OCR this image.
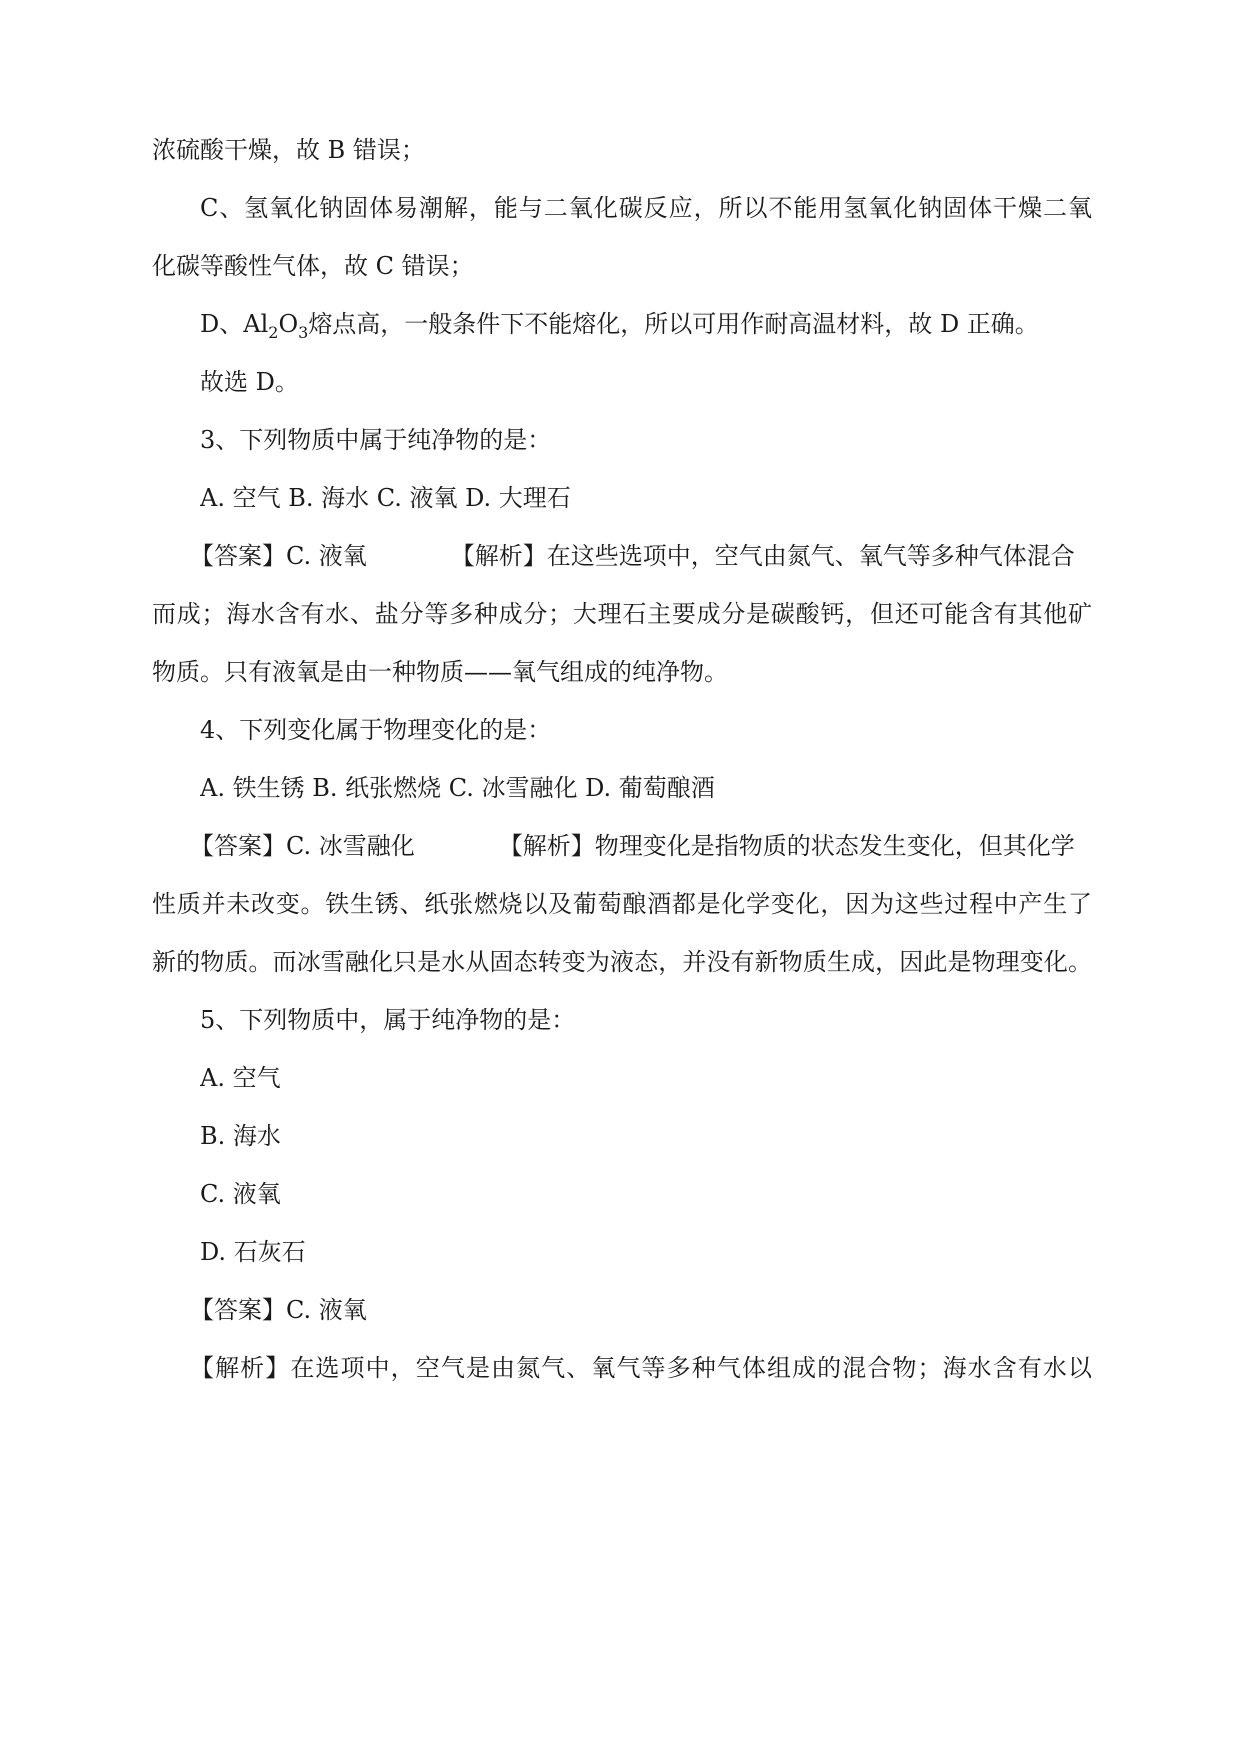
浓硫酸干燥，故 B 错误；
C、氢氧化钠固体易潮解，能与二氧化碳反应，所以不能用氢氧化钠固体干燥二氧
化碳等酸性气体，故 C 错误；
D、$Al_2O_3$熔点高，一般条件下不能熔化，所以可用作耐高温材料，故 D 正确。
故选 D。
3、下列物质中属于纯净物的是：
A. 空气 B. 海水 C. 液氧 D. 大理石
【答案】C. 液氧	【解析】在这些选项中，空气由氮气、氧气等多种气体混合
而成；海水含有水、盐分等多种成分；大理石主要成分是碳酸钙，但还可能含有其他矿
物质。只有液氧是由一种物质——氧气组成的纯净物。
4、下列变化属于物理变化的是：
A. 铁生锈 B. 纸张燃烧 C. 冰雪融化 D. 葡萄酿酒
【答案】C. 冰雪融化	【解析】物理变化是指物质的状态发生变化，但其化学
性质并未改变。铁生锈、纸张燃烧以及葡萄酿酒都是化学变化，因为这些过程中产生了
新的物质。而冰雪融化只是水从固态转变为液态，并没有新物质生成，因此是物理变化。
5、下列物质中，属于纯净物的是：
A. 空气
B. 海水
C. 液氧
D. 石灰石
【答案】C. 液氧
【解析】在选项中，空气是由氮气、氧气等多种气体组成的混合物；海水含有水以
